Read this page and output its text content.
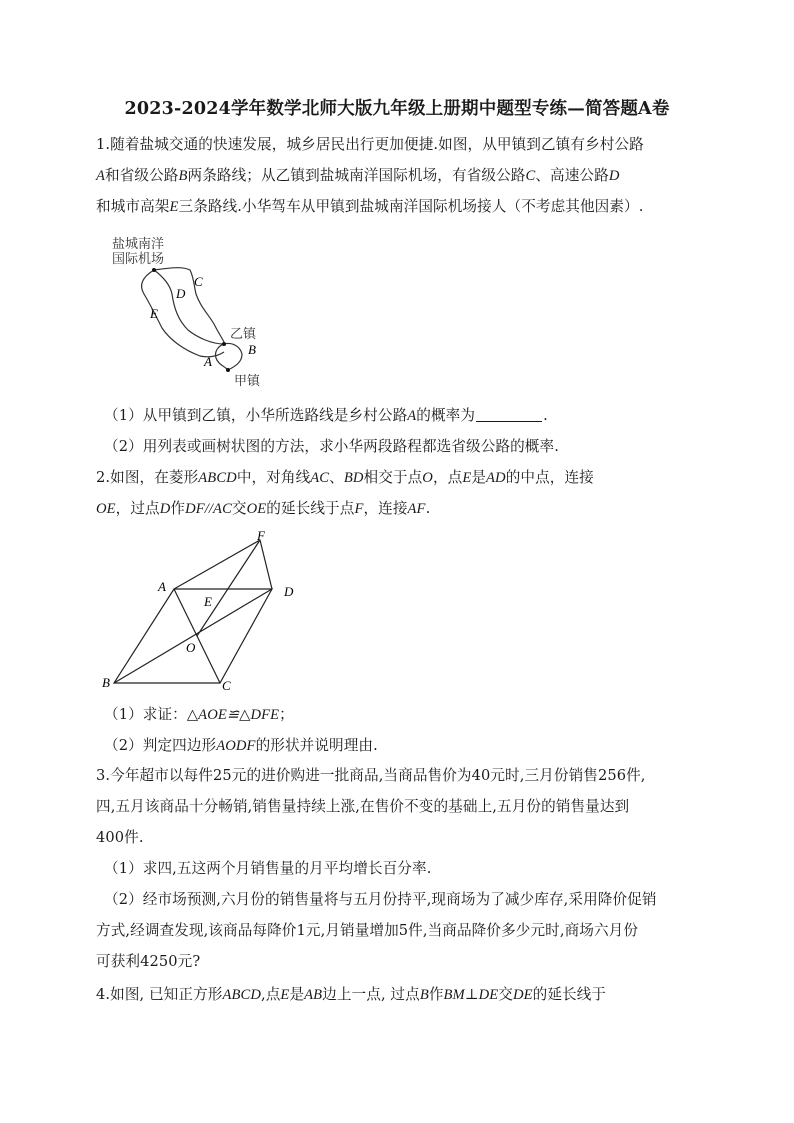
2023-2024学年数学北师大版九年级上册期中题型专练—简答题A卷
1.随着盐城交通的快速发展，城乡居民出行更加便捷.如图，从甲镇到乙镇有乡村公路
A和省级公路B两条路线；从乙镇到盐城南洋国际机场，有省级公路C、高速公路D
和城市高架E三条路线.小华驾车从甲镇到盐城南洋国际机场接人（不考虑其他因素）.
盐城南洋
国际机场
C
D
E
乙镇
B
A
甲镇
（1）从甲镇到乙镇，小华所选路线是乡村公路A的概率为	.
（2）用列表或画树状图的方法，求小华两段路程都选省级公路的概率.
2.如图，在菱形ABCD中，对角线AC、BD相交于点O，点E是AD的中点，连接
OE，过点D作DF//AC交OE的延长线于点F，连接AF.
F
A	D
E
O
B	C
（1）求证：△AOE≌△DFE；
（2）判定四边形AODF的形状并说明理由.
3.今年超市以每件25元的进价购进一批商品,当商品售价为40元时,三月份销售256件,
四,五月该商品十分畅销,销售量持续上涨,在售价不变的基础上,五月份的销售量达到
400件.
（1）求四,五这两个月销售量的月平均增长百分率.
（2）经市场预测,六月份的销售量将与五月份持平,现商场为了减少库存,采用降价促销
方式,经调查发现,该商品每降价1元,月销量增加5件,当商品降价多少元时,商场六月份
可获利4250元?
4.如图, 已知正方形ABCD,点E是AB边上一点, 过点B作BM⊥DE交DE的延长线于
